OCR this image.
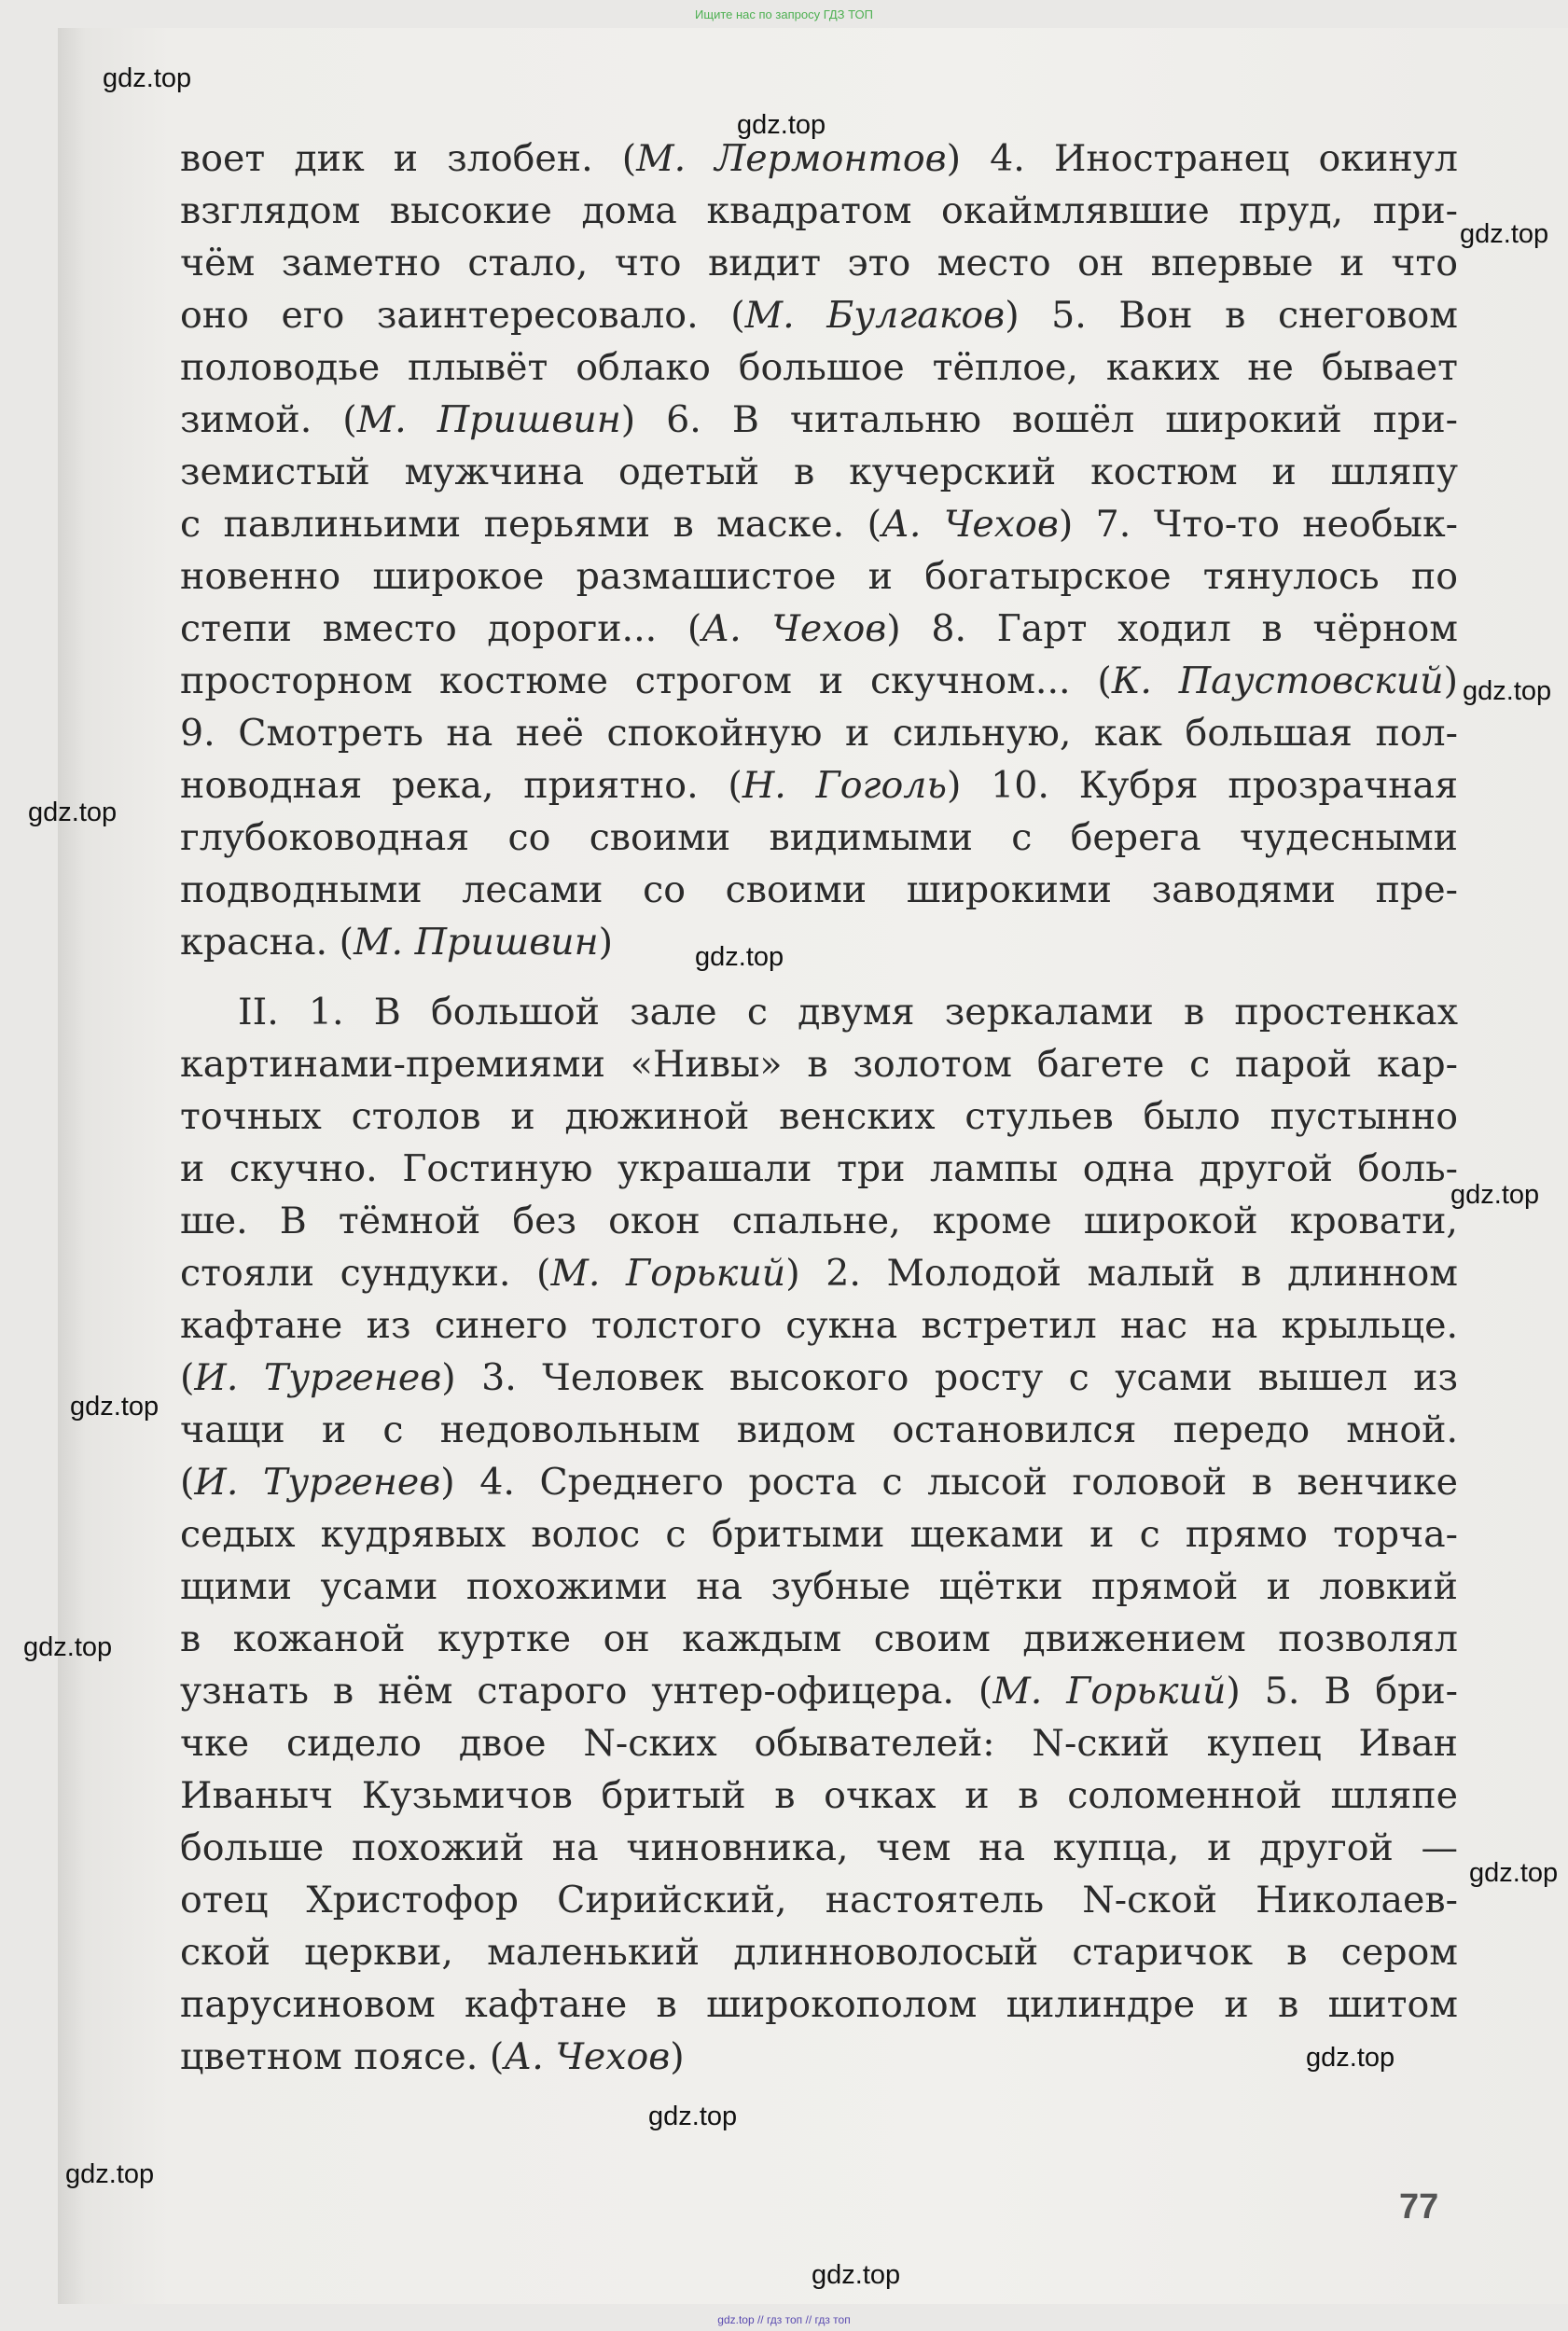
Ищите нас по запросу ГДЗ ТОП
воет дик и злобен. (М. Лермонтов) 4. Иностранец окинул
взглядом высокие дома квадратом окаймлявшие пруд, при-
чём заметно стало, что видит это место он впервые и что
оно его заинтересовало. (М. Булгаков) 5. Вон в снеговом
половодье плывёт облако большое тёплое, каких не бывает
зимой. (М. Пришвин) 6. В читальню вошёл широкий при-
земистый мужчина одетый в кучерский костюм и шляпу
с павлиньими перьями в маске. (А. Чехов) 7. Что-то необык-
новенно широкое размашистое и богатырское тянулось по
степи вместо дороги... (А. Чехов) 8. Гарт ходил в чёрном
просторном костюме строгом и скучном... (К. Паустовский)
9. Смотреть на неё спокойную и сильную, как большая пол-
новодная река, приятно. (Н. Гоголь) 10. Кубря прозрачная
глубоководная со своими видимыми с берега чудесными
подводными лесами со своими широкими заводями пре-
красна. (М. Пришвин)
II. 1. В большой зале с двумя зеркалами в простенках
картинами-премиями «Нивы» в золотом багете с парой кар-
точных столов и дюжиной венских стульев было пустынно
и скучно. Гостиную украшали три лампы одна другой боль-
ше. В тёмной без окон спальне, кроме широкой кровати,
стояли сундуки. (М. Горький) 2. Молодой малый в длинном
кафтане из синего толстого сукна встретил нас на крыльце.
(И. Тургенев) 3. Человек высокого росту с усами вышел из
чащи и с недовольным видом остановился передо мной.
(И. Тургенев) 4. Среднего роста с лысой головой в венчике
седых кудрявых волос с бритыми щеками и с прямо торча-
щими усами похожими на зубные щётки прямой и ловкий
в кожаной куртке он каждым своим движением позволял
узнать в нём старого унтер-офицера. (М. Горький) 5. В бри-
чке сидело двое N-ских обывателей: N-ский купец Иван
Иваныч Кузьмичов бритый в очках и в соломенной шляпе
больше похожий на чиновника, чем на купца, и другой —
отец Христофор Сирийский, настоятель N-ской Николаев-
ской церкви, маленький длинноволосый старичок в сером
парусиновом кафтане в широкополом цилиндре и в шитом
цветном поясе. (А. Чехов)
77
gdz.top
gdz.top
gdz.top
gdz.top
gdz.top
gdz.top
gdz.top
gdz.top
gdz.top
gdz.top
gdz.top
gdz.top
gdz.top
gdz.top
gdz.top // гдз топ // гдз топ
